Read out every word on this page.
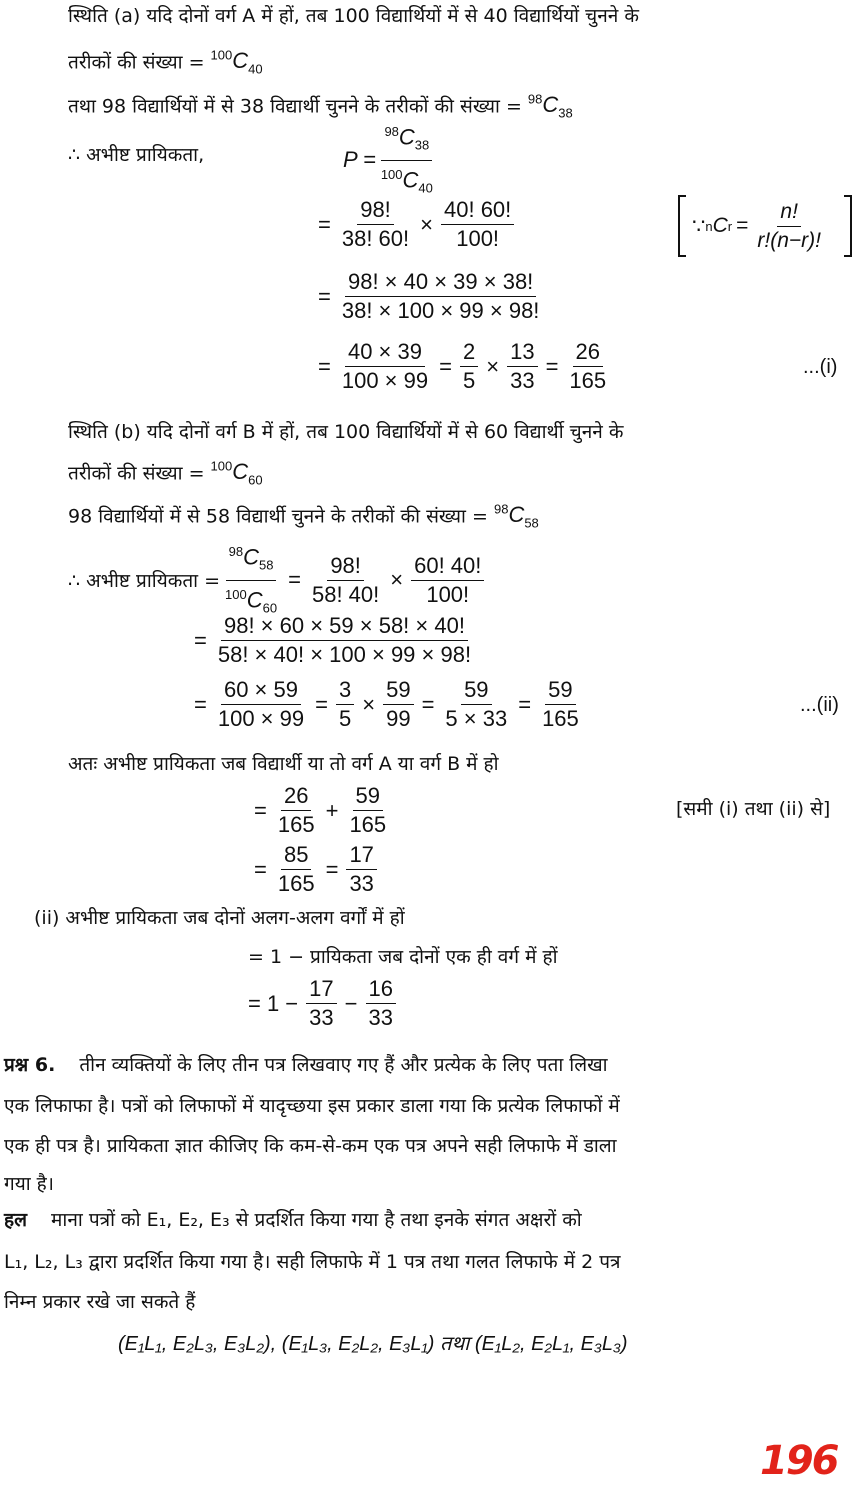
स्थिति (a) यदि दोनों वर्ग A में हों, तब 100 विद्यार्थियों में से 40 विद्यार्थियों चुनने के
तरीकों की संख्या = $^{100}C_{40}$
तथा 98 विद्यार्थियों में से 38 विद्यार्थी चुनने के तरीकों की संख्या = $^{98}C_{38}$
∴ अभीष्ट प्रायिकता,	$P = \frac{^{98}C_{38}}{^{100}C_{40}}$
= $\frac{98!}{38! 60!} \times \frac{40! 60!}{100!}$	∵ n C $r = \frac{n!}{r!(n-r)!}$
= $\frac{98! \times 40 \times 39 \times 38!}{38! \times 100 \times 99 \times 98!}$
= $\frac{40 \times 39}{100 \times 99} = \frac{2}{5} \times \frac{13}{33} = \frac{26}{165}$	...(i)
स्थिति (b) यदि दोनों वर्ग B में हों, तब 100 विद्यार्थियों में से 60 विद्यार्थी चुनने के
तरीकों की संख्या = $^{100}C_{60}$
98 विद्यार्थियों में से 58 विद्यार्थी चुनने के तरीकों की संख्या = $^{98}C_{58}$
∴ अभीष्ट प्रायिकता = $\frac{^{98}C_{58}}{^{100}C_{60}} = \frac{98!}{58! 40!} \times \frac{60! 40!}{100!}$
= $\frac{98! \times 60 \times 59 \times 58! \times 40!}{58! \times 40! \times 100 \times 99 \times 98!}$
= $\frac{60 \times 59}{100 \times 99} = \frac{3}{5} \times \frac{59}{99} = \frac{59}{5 \times 33} = \frac{59}{165}$	...(ii)
अतः अभीष्ट प्रायिकता जब विद्यार्थी या तो वर्ग A या वर्ग B में हो
= $\frac{26}{165} + \frac{59}{165}$	[समी (i) तथा (ii) से]
= $\frac{85}{165} = \frac{17}{33}$
(ii) अभीष्ट प्रायिकता जब दोनों अलग-अलग वर्गों में हों
= 1 − प्रायिकता जब दोनों एक ही वर्ग में हों
= $1 - \frac{17}{33} - \frac{16}{33}$
प्रश्न 6. तीन व्यक्तियों के लिए तीन पत्र लिखवाए गए हैं और प्रत्येक के लिए पता लिखा
एक लिफाफा है। पत्रों को लिफाफों में यादृच्छया इस प्रकार डाला गया कि प्रत्येक लिफाफों में
एक ही पत्र है। प्रायिकता ज्ञात कीजिए कि कम-से-कम एक पत्र अपने सही लिफाफे में डाला
गया है।
हल माना पत्रों को E₁, E₂, E₃ से प्रदर्शित किया गया है तथा इनके संगत अक्षरों को
L₁, L₂, L₃ द्वारा प्रदर्शित किया गया है। सही लिफाफे में 1 पत्र तथा गलत लिफाफे में 2 पत्र
निम्न प्रकार रखे जा सकते हैं
(E₁L₁, E₂L₃, E₃L₂), (E₁L₃, E₂L₂, E₃L₁) तथा (E₁L₂, E₂L₁, E₃L₃)
196
